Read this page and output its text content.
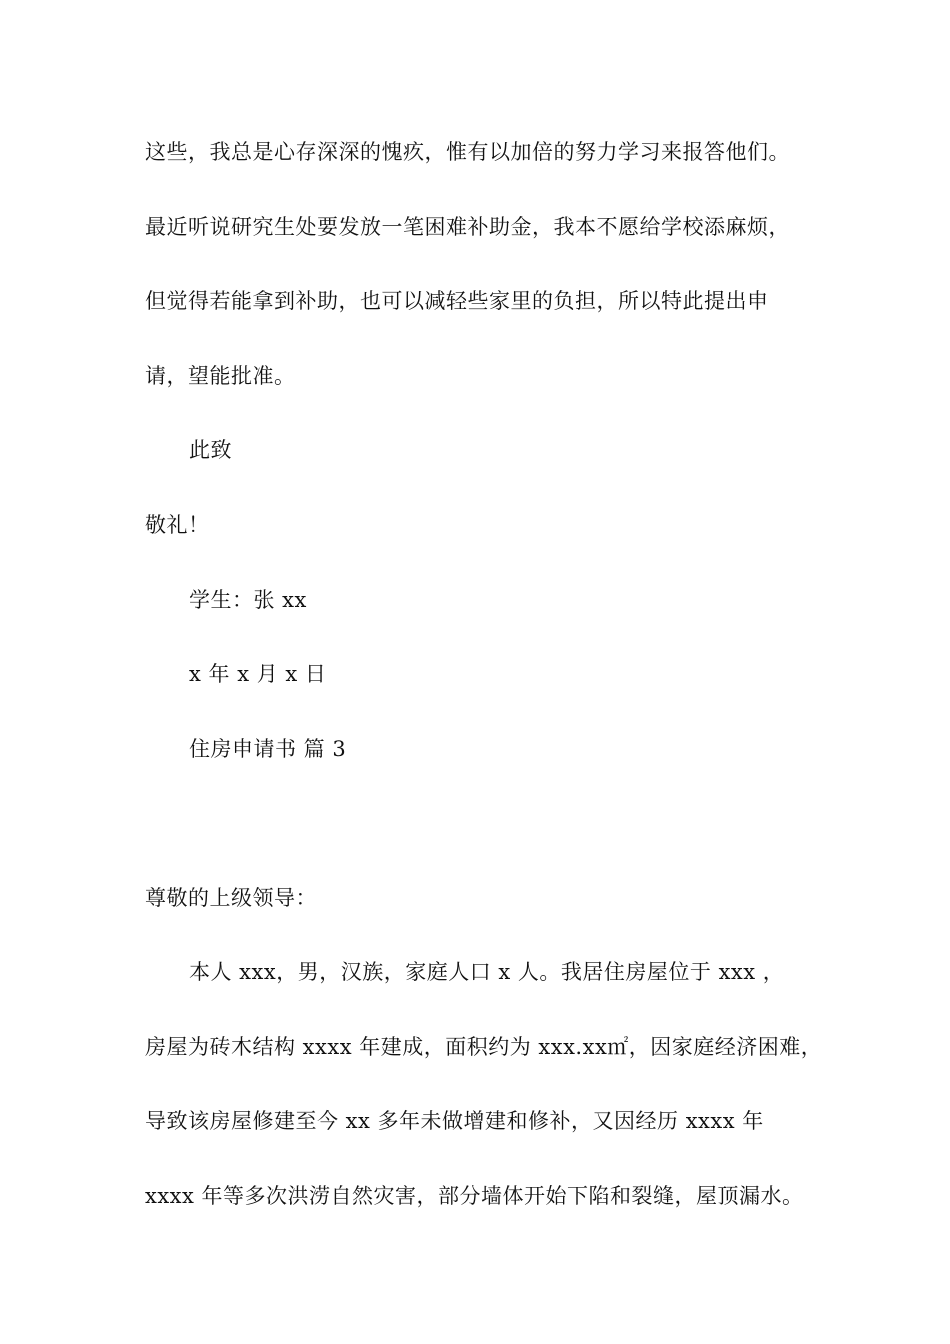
这些，我总是心存深深的愧疚，惟有以加倍的努力学习来报答他们。
最近听说研究生处要发放一笔困难补助金，我本不愿给学校添麻烦，
但觉得若能拿到补助，也可以减轻些家里的负担，所以特此提出申
请，望能批准。
此致
敬礼！
学生：张 xx
x 年 x 月 x 日
住房申请书 篇 3
尊敬的上级领导：
本人 xxx，男，汉族，家庭人口 x 人。我居住房屋位于 xxx ，
房屋为砖木结构 xxxx 年建成，面积约为 xxx.xx㎡，因家庭经济困难，
导致该房屋修建至今 xx 多年未做增建和修补，又因经历 xxxx 年
xxxx 年等多次洪涝自然灾害，部分墙体开始下陷和裂缝，屋顶漏水。
